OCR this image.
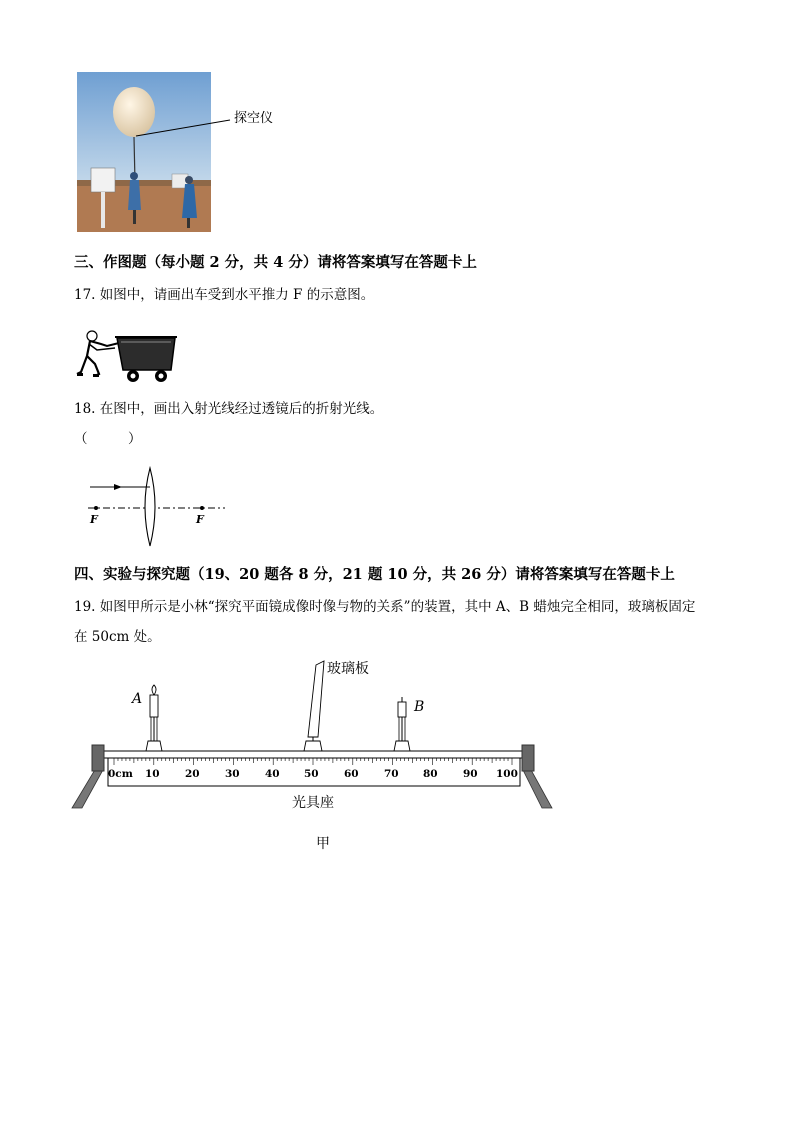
探空仪
三、作图题（每小题 2 分，共 4 分）请将答案填写在答题卡上
17. 如图中，请画出车受到水平推力 F 的示意图。
18. 在图中，画出入射光线经过透镜后的折射光线。
（　　　）
F	F
四、实验与探究题（19、20 题各 8 分，21 题 10 分，共 26 分）请将答案填写在答题卡上
19. 如图甲所示是小林“探究平面镜成像时像与物的关系”的装置，其中 A、B 蜡烛完全相同，玻璃板固定
在 50cm 处。
0cm 10 20 30 40 50 60 70 80 90 100
A
玻璃板
B
光具座
甲
